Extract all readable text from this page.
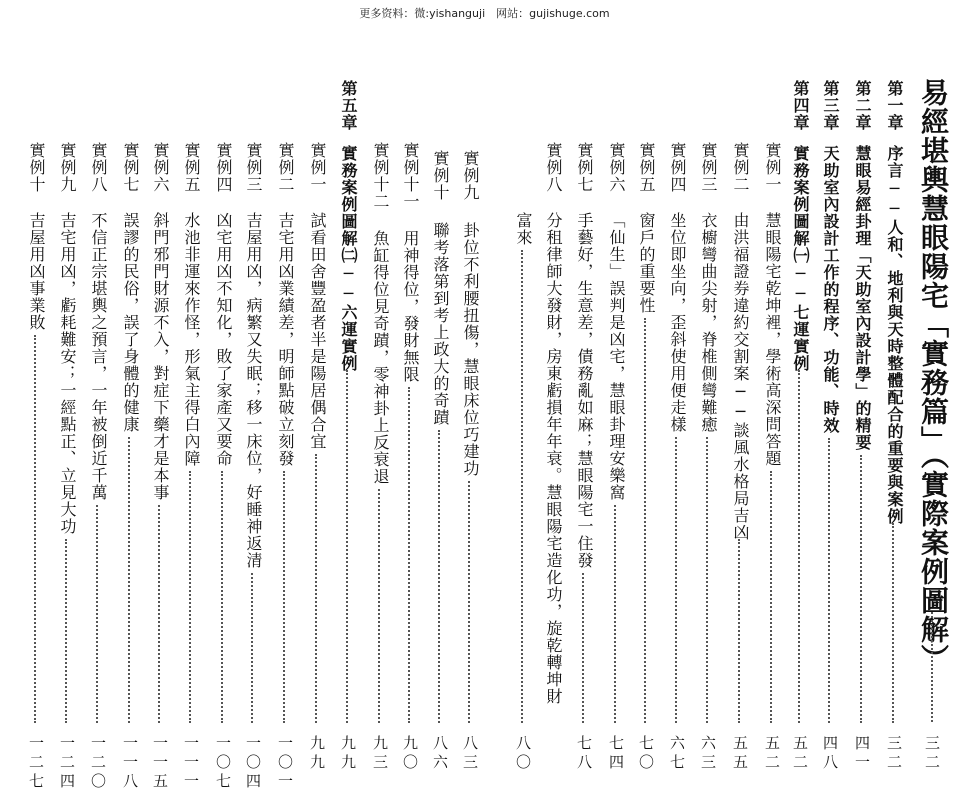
更多资料：微:yishanguji　网站：gujishuge.com
易經堪輿慧眼陽宅「實務篇」（實際案例圖解）
第一章
序言──人和、地利與天時整體配合的重要與案例
三二
第二章
慧眼易經卦理「天助室內設計學」的精要
四一
第三章
天助室內設計工作的程序、功能、時效
四八
第四章
實務案例圖解㈠──七運實例
五二
實例一
慧眼陽宅乾坤裡，學術高深問答題
五二
實例二
由洪福證券違約交割案──談風水格局吉凶
五五
實例三
衣櫥彎曲尖射，脊椎側彎難癒
六三
實例四
坐位即坐向，歪斜使用便走樣
六七
實例五
窗戶的重要性
七〇
實例六
「仙生」誤判是凶宅，慧眼卦理安樂窩
七四
實例七
手藝好，生意差，債務亂如麻；慧眼陽宅一住發
七八
實例八
分租律師大發財，房東虧損年年衰。慧眼陽宅造化功，旋乾轉坤財
富來
八〇
實例九
卦位不利腰扭傷，慧眼床位巧建功
八三
實例十
聯考落第到考上政大的奇蹟
八六
實例十一
用神得位，發財無限
九〇
實例十二
魚缸得位見奇蹟，零神卦上反衰退
九三
第五章
實務案例圖解㈡──六運實例
九九
實例一
試看田舍豐盈者半是陽居偶合宜
九九
實例二
吉宅用凶業績差，明師點破立刻發
一〇一
實例三
吉屋用凶，病繁又失眠；移一床位，好睡神返清
一〇四
實例四
凶宅用凶不知化，敗了家產又要命
一〇七
實例五
水池非運來作怪，形氣主得白內障
一一一
實例六
斜門邪門財源不入，對症下藥才是本事
一一五
實例七
誤謬的民俗，誤了身體的健康
一一八
實例八
不信正宗堪輿之預言，一年被倒近千萬
一二〇
實例九
吉宅用凶，虧耗難安；一經點正、立見大功
一二四
實例十
吉屋用凶事業敗
一二七	三二
